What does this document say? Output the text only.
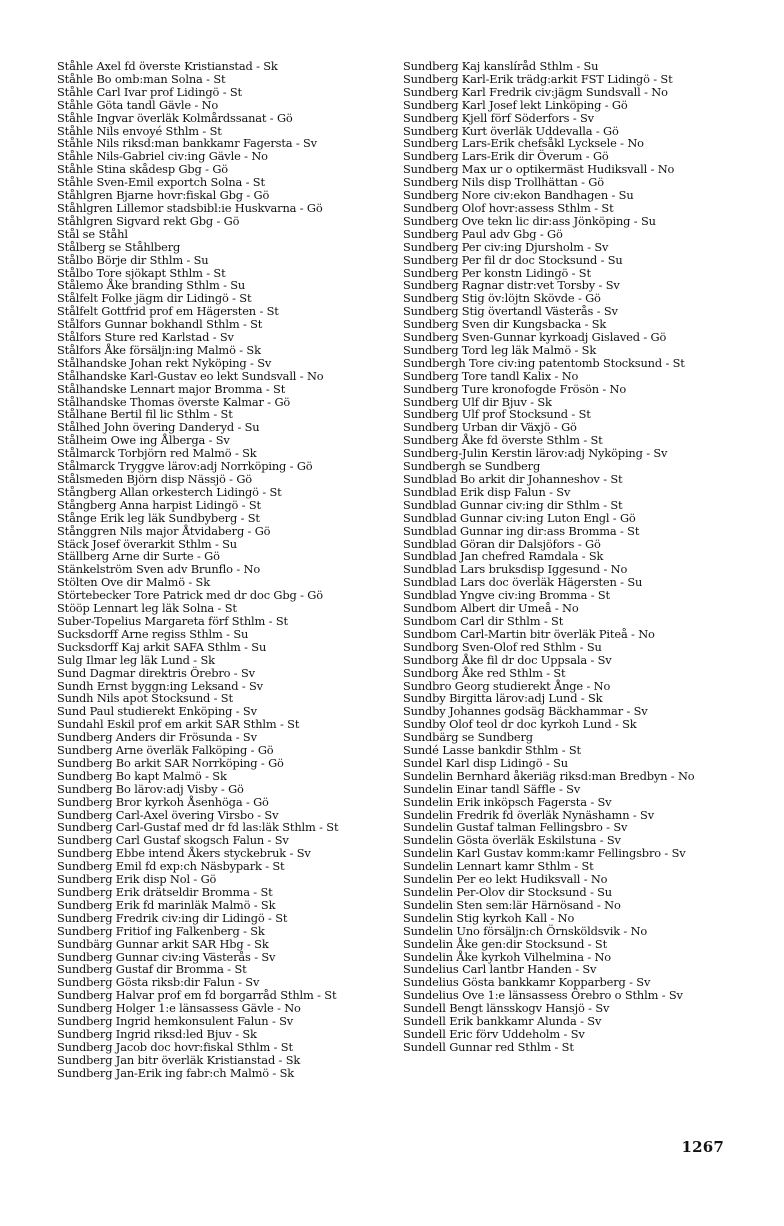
Ståhle Axel fd överste Kristianstad - Sk
Ståhle Bo omb:man Solna - St
Ståhle Carl Ivar prof Lidingö - St
Ståhle Göta tandl Gävle - No
Ståhle Ingvar överläk Kolmårdssanat - Gö
Ståhle Nils envoyé Sthlm - St
Ståhle Nils riksd:man bankkamr Fagersta - Sv
Ståhle Nils-Gabriel civ:ing Gävle - No
Ståhle Stina skådesp Gbg - Gö
Ståhle Sven-Emil exportch Solna - St
Ståhlgren Bjarne hovr:fiskal Gbg - Gö
Ståhlgren Lillemor stadsbibl:ie Huskvarna - Gö
Ståhlgren Sigvard rekt Gbg - Gö
Stål se Ståhl
Stålberg se Ståhlberg
Stålbo Börje dir Sthlm - Su
Stålbo Tore sjökapt Sthlm - St
Stålemo Åke branding Sthlm - Su
Stålfelt Folke jägm dir Lidingö - St
Stålfelt Gottfrid prof em Hägersten - St
Stålfors Gunnar bokhandl Sthlm - St
Stålfors Sture red Karlstad - Sv
Stålfors Åke försäljn:ing Malmö - Sk
Stålhandske Johan rekt Nyköping - Sv
Stålhandske Karl-Gustav eo lekt Sundsvall - No
Stålhandske Lennart major Bromma - St
Stålhandske Thomas överste Kalmar - Gö
Stålhane Bertil fil lic Sthlm - St
Stålhed John övering Danderyd - Su
Stålheim Owe ing Ålberga - Sv
Stålmarck Torbjörn red Malmö - Sk
Stålmarck Tryggve lärov:adj Norrköping - Gö
Stålsmeden Björn disp Nässjö - Gö
Stångberg Allan orkesterch Lidingö - St
Stångberg Anna harpist Lidingö - St
Stånge Erik leg läk Sundbyberg - St
Stånggren Nils major Åtvidaberg - Gö
Stäck Josef överarkit Sthlm - Su
Ställberg Arne dir Surte - Gö
Stänkelström Sven adv Brunflo - No
Stölten Ove dir Malmö - Sk
Störtebecker Tore Patrick med dr doc Gbg - Gö
Stööp Lennart leg läk Solna - St
Suber-Topelius Margareta förf Sthlm - St
Sucksdorff Arne regiss Sthlm - Su
Sucksdorff Kaj arkit SAFA Sthlm - Su
Sulg Ilmar leg läk Lund - Sk
Sund Dagmar direktris Örebro - Sv
Sundh Ernst byggn:ing Leksand - Sv
Sundh Nils apot Stocksund - St
Sund Paul studierekt Enköping - Sv
Sundahl Eskil prof em arkit SAR Sthlm - St
Sundberg Anders dir Frösunda - Sv
Sundberg Arne överläk Falköping - Gö
Sundberg Bo arkit SAR Norrköping - Gö
Sundberg Bo kapt Malmö - Sk
Sundberg Bo lärov:adj Visby - Gö
Sundberg Bror kyrkoh Åsenhöga - Gö
Sundberg Carl-Axel övering Virsbo - Sv
Sundberg Carl-Gustaf med dr fd las:läk Sthlm - St
Sundberg Carl Gustaf skogsch Falun - Sv
Sundberg Ebbe intend Åkers styckebruk - Sv
Sundberg Emil fd exp:ch Näsbypark - St
Sundberg Erik disp Nol - Gö
Sundberg Erik drätseldir Bromma - St
Sundberg Erik fd marinläk Malmö - Sk
Sundberg Fredrik civ:ing dir Lidingö - St
Sundberg Fritiof ing Falkenberg - Sk
Sundbärg Gunnar arkit SAR Hbg - Sk
Sundberg Gunnar civ:ing Västerås - Sv
Sundberg Gustaf dir Bromma - St
Sundberg Gösta riksb:dir Falun - Sv
Sundberg Halvar prof em fd borgarråd Sthlm - St
Sundberg Holger 1:e länsassess Gävle - No
Sundberg Ingrid hemkonsulent Falun - Sv
Sundberg Ingrid riksd:led Bjuv - Sk
Sundberg Jacob doc hovr:fiskal Sthlm - St
Sundberg Jan bitr överläk Kristianstad - Sk
Sundberg Jan-Erik ing fabr:ch Malmö - Sk
Sundberg Kaj kanslíråd Sthlm - Su
Sundberg Karl-Erik trädg:arkit FST Lidingö - St
Sundberg Karl Fredrik civ:jägm Sundsvall - No
Sundberg Karl Josef lekt Linköping - Gö
Sundberg Kjell förf Söderfors - Sv
Sundberg Kurt överläk Uddevalla - Gö
Sundberg Lars-Erik chefsåkl Lycksele - No
Sundberg Lars-Erik dir Överum - Gö
Sundberg Max ur o optikermäst Hudiksvall - No
Sundberg Nils disp Trollhättan - Gö
Sundberg Nore civ:ekon Bandhagen - Su
Sundberg Olof hovr:assess Sthlm - St
Sundberg Ove tekn lic dir:ass Jönköping - Su
Sundberg Paul adv Gbg - Gö
Sundberg Per civ:ing Djursholm - Sv
Sundberg Per fil dr doc Stocksund - Su
Sundberg Per konstn Lidingö - St
Sundberg Ragnar distr:vet Torsby - Sv
Sundberg Stig öv:löjtn Skövde - Gö
Sundberg Stig övertandl Västerås - Sv
Sundberg Sven dir Kungsbacka - Sk
Sundberg Sven-Gunnar kyrkoadj Gislaved - Gö
Sundberg Tord leg läk Malmö - Sk
Sundbergh Tore civ:ing patentomb Stocksund - St
Sundberg Tore tandl Kalix - No
Sundberg Ture kronofogde Frösön - No
Sundberg Ulf dir Bjuv - Sk
Sundberg Ulf prof Stocksund - St
Sundberg Urban dir Växjö - Gö
Sundberg Åke fd överste Sthlm - St
Sundberg-Julin Kerstin lärov:adj Nyköping - Sv
Sundbergh se Sundberg
Sundblad Bo arkit dir Johanneshov - St
Sundblad Erik disp Falun - Sv
Sundblad Gunnar civ:ing dir Sthlm - St
Sundblad Gunnar civ:ing Luton Engl - Gö
Sundblad Gunnar ing dir:ass Bromma - St
Sundblad Göran dir Dalsjöfors - Gö
Sundblad Jan chefred Ramdala - Sk
Sundblad Lars bruksdisp Iggesund - No
Sundblad Lars doc överläk Hägersten - Su
Sundblad Yngve civ:ing Bromma - St
Sundbom Albert dir Umeå - No
Sundbom Carl dir Sthlm - St
Sundbom Carl-Martin bitr överläk Piteå - No
Sundborg Sven-Olof red Sthlm - Su
Sundborg Åke fil dr doc Uppsala - Sv
Sundborg Åke red Sthlm - St
Sundbro Georg studierekt Ånge - No
Sundby Birgitta lärov:adj Lund - Sk
Sundby Johannes godsäg Bäckhammar - Sv
Sundby Olof teol dr doc kyrkoh Lund - Sk
Sundbärg se Sundberg
Sundé Lasse bankdir Sthlm - St
Sundel Karl disp Lidingö - Su
Sundelin Bernhard åkeriäg riksd:man Bredbyn - No
Sundelin Einar tandl Säffle - Sv
Sundelin Erik inköpsch Fagersta - Sv
Sundelin Fredrik fd överläk Nynäshamn - Sv
Sundelin Gustaf talman Fellingsbro - Sv
Sundelin Gösta överläk Eskilstuna - Sv
Sundelin Karl Gustav komm:kamr Fellingsbro - Sv
Sundelin Lennart kamr Sthlm - St
Sundelin Per eo lekt Hudiksvall - No
Sundelin Per-Olov dir Stocksund - Su
Sundelin Sten sem:lär Härnösand - No
Sundelin Stig kyrkoh Kall - No
Sundelin Uno försäljn:ch Örnsköldsvik - No
Sundelin Åke gen:dir Stocksund - St
Sundelin Åke kyrkoh Vilhelmina - No
Sundelius Carl lantbr Handen - Sv
Sundelius Gösta bankkamr Kopparberg - Sv
Sundelius Ove 1:e länsassess Örebro o Sthlm - Sv
Sundell Bengt länsskogv Hansjö - Sv
Sundell Erik bankkamr Alunda - Sv
Sundell Eric förv Uddeholm - Sv
Sundell Gunnar red Sthlm - St
1267
